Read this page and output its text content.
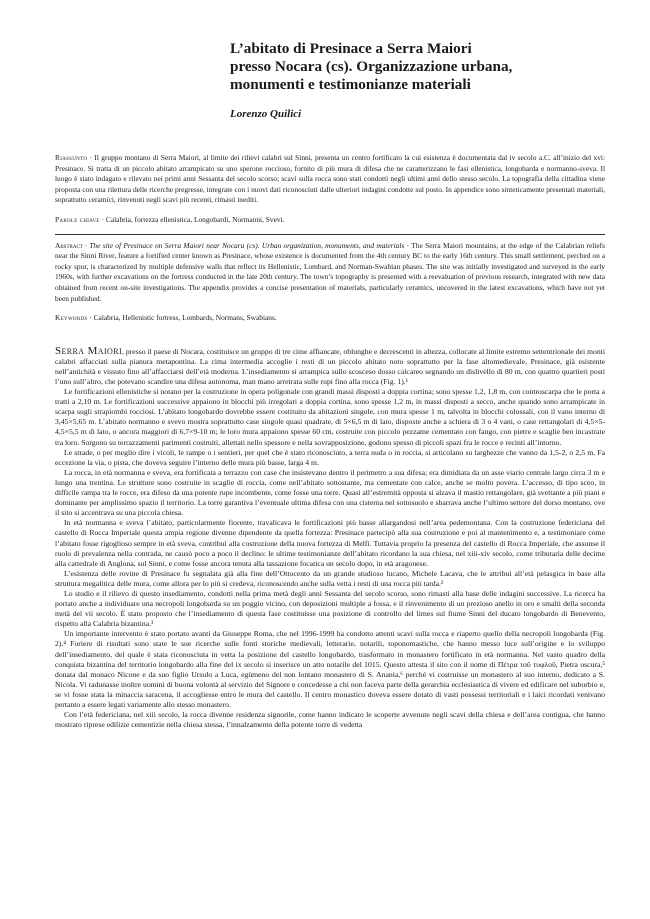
L’abitato di Presinace a Serra Maiori
presso Nocara (cs). Organizzazione urbana,
monumenti e testimonianze materiali
Lorenzo Quilici

Riassunto · Il gruppo montano di Serra Maiori, al limite dei rilievi calabri sul Sinni, presenta un centro fortificato la cui esistenza è documentata dal iv secolo a.C. all’inizio del xvi: Presinace. Si tratta di un piccolo abitato arrampicato su uno sperone roccioso, fornito di più mura di difesa che ne caratterizzano le fasi ellenistica, longobarda e normanno-sveva. Il luogo è stato indagato e rilevato nei primi anni Sessanta del secolo scorso; scavi sulla rocca sono stati condotti negli ultimi anni dello stesso secolo. La topografia della cittadina viene proposta con una rilettura delle ricerche pregresse, integrate con i nuovi dati riconosciuti dalle ulteriori indagini condotte sul posto. In appendice sono sinteticamente presentati materiali, soprattutto ceramici, rinvenuti negli scavi più recenti, rimasti inediti.

Parole chiave · Calabria, fortezza ellenistica, Longobardi, Normanni, Svevi.

Abstract · The site of Presinace on Serra Maiori near Nocara (cs). Urban organization, monuments, and materials · The Serra Maiori mountains, at the edge of the Calabrian reliefs near the Sinni River, feature a fortified center known as Presinace, whose existence is documented from the 4th century BC to the early 16th century. This small settlement, perched on a rocky spur, is characterized by multiple defensive walls that reflect its Hellenistic, Lombard, and Norman-Swabian phases. The site was initially investigated and surveyed in the early 1960s, with further excavations on the fortress conducted in the late 20th century. The town’s topography is presented with a reevaluation of previous research, integrated with new data obtained from recent on-site investigations. The appendix provides a concise presentation of materials, particularly ceramics, uncovered in the latest excavations, which have not yet been published.

Keywords · Calabria, Hellenistic fortress, Lombards, Normans, Swabians.

Serra Maiori, presso il paese di Nocara, costituisce un gruppo di tre cime affiancate, oblunghe e decrescenti in altezza, collocate al limite estremo settentrionale dei monti calabri affacciati sulla pianura metapontina. La cima intermedia accoglie i resti di un piccolo abitato noto soprattutto per la fase altomedievale, Presinace, già esistente nell’antichità e vissuto fino all’affacciarsi dell’età moderna. L’insediamento si arrampica sullo scosceso dosso calcareo segnando un dislivello di 80 m, con quattro quartieri posti l’uno sull’altro, che potevano scandire una difesa autonoma, man mano arretrata sulle rupi fino alla rocca (Fig. 1).¹

Le fortificazioni ellenistiche si notano per la costruzione in opera poligonale con grandi massi disposti a doppia cortina; sono spesse 1,2, 1,8 m, con controscarpa che le porta a tratti a 2,10 m. Le fortificazioni successive appaiono in blocchi più irregolari a doppia cortina, sono spesse 1,2 m, in massi disposti a secco, anche quando sono arrampicate in scarpa sugli strapiombi rocciosi. L’abitato longobardo dovrebbe essere costituito da abitazioni singole, con mura spesse 1 m, talvolta in blocchi colossali, con il vano interno di 3,45×5,65 m. L’abitato normanno e svevo mostra soprattutto case singole quasi quadrate, di 5×6,5 m di lato, disposte anche a schiera di 3 o 4 vani, o case rettangolari di 4,5×5-4,5×5,5 m di lato, o ancora maggiori di 6,7×9-10 m; le loro mura appaiono spesse 60 cm, costruite con piccolo pezzame cementato con fango, con pietre e scaglie ben incastrate tra loro. Sorgono su terrazzamenti parimenti costruiti, allettati nello spessore e nella sovrapposizione, godono spesso di piccoli spazi fra le rocce e recinti all’intorno.

Le strade, o per meglio dire i vicoli, le rampe o i sentieri, per quel che è stato riconosciuto, a terra nuda o in roccia, si articolano su larghezze che vanno da 1,5-2, o 2,5 m. Fa eccezione la via, o pista, che doveva seguire l’interno delle mura più basse, larga 4 m.

La rocca, in età normanna e sveva, era fortificata a terrazzo con case che insistevano dentro il perimetro a sua difesa; era dimidiata da un asse viario centrale largo circa 3 m e lungo una trentina. Le strutture sono costruite in scaglie di roccia, come nell’abitato sottostante, ma cementate con calce, anche se molto povera. L’accesso, di tipo sceo, in difficile rampa tra le rocce, era difeso da una potente rupe incombente, come fosse una torre. Quasi all’estremità opposta si alzava il mastio rettangolare, già svettante a più piani e dominante per amplissimo spazio il territorio. La torre garantiva l’eventuale ultima difesa con una cisterna nel sottosuolo e sbarrava anche l’ultimo settore del dorso montano, ove il sito si accentrava su una piccola chiesa.

In età normanna e sveva l’abitato, particolarmente fiorente, travalicava le fortificazioni più basse allargandosi nell’area pedemontana. Con la costruzione federiciana del castello di Rocca Imperiale questa ampia regione divenne dipendente da quella fortezza: Presinace partecipò alla sua costruzione e poi al mantenimento e, a testimoniare come l’abitato fosse rigoglioso sempre in età sveva, contribuì alla costruzione della nuova fortezza di Melfi. Tuttavia proprio la presenza del castello di Rocca Imperiale, che assunse il ruolo di prevalenza nella contrada, ne causò poco a poco il declino: le ultime testimonianze dell’abitato ricordano la sua chiesa, nel xiii-xiv secolo, come tributaria delle decime alla cattedrale di Anglona, sul Sinni, e come fosse ancora tenuta alla tassazione focatica un secolo dopo, in età aragonese.

L’esistenza delle rovine di Presinace fu segnalata già alla fine dell’Ottocento da un grande studioso lucano, Michele Lacava, che le attribuì all’età pelasgica in base alla struttura megalitica delle mura, come allora per lo più si credeva, riconoscendo anche sulla vetta i resti di una rocca più tarda.²

Lo studio e il rilievo di questo insediamento, condotti nella prima metà degli anni Sessanta del secolo scorso, sono rimasti alla base delle indagini successive. La ricerca ha portato anche a individuare una necropoli longobarda su un poggio vicino, con deposizioni multiple a fossa, e il rinvenimento di un prezioso anello in oro e smalti della seconda metà del vii secolo. È stato proposto che l’insediamento di questa fase costituisse una posizione di controllo del limes sul fiume Sinni del ducato longobardo di Benevento, rispetto alla Calabria bizantina.³

Un importante intervento è stato portato avanti da Giuseppe Roma, che nel 1996-1999 ha condotto attenti scavi sulla rocca e riaperto quello della necropoli longobarda (Fig. 2).⁴ Foriere di risultati sono state le sue ricerche sulle fonti storiche medievali, letterarie, notarili, toponomastiche, che hanno messo luce sull’origine e lo sviluppo dell’insediamento, del quale è stata riconosciuta in vetta la posizione del castello longobardo, trasformato in monastero fortificato in età normanna. Nel vasto quadro della conquista bizantina del territorio longobardo alla fine del ix secolo si inserisce un atto notarile del 1015. Questo attesta il sito con il nome di Πέτρα τοῦ τυφλοῦ, Pietra oscura,⁵ donata dal monaco Nicone e da suo figlio Ursulo a Luca, egùmeno del non lontano monastero di S. Anania,⁶ perché vi costruisse un monastero al suo interno, dedicato a S. Nicola. Vi radunasse inoltre uomini di buona volontà al servizio del Signore e concedesse a chi non faceva parte della gerarchia ecclesiastica di vivere ed edificare nel suburbio e, se vi fosse stata la minaccia saracena, il accogliesse entro le mura del castello. Il centro monastico doveva essere dotato di vasti possessi territoriali e i laici ricordati venivano pertanto a essere legati variamente allo stesso monastero.

Con l’età federiciana, nel xiii secolo, la rocca divenne residenza signorile, come hanno indicato le scoperte avvenute negli scavi della chiesa e dell’area contigua, che hanno mostrato riprese edilizie cementizie nella chiesa stessa, l’innalzamento della potente torre di vedetta
